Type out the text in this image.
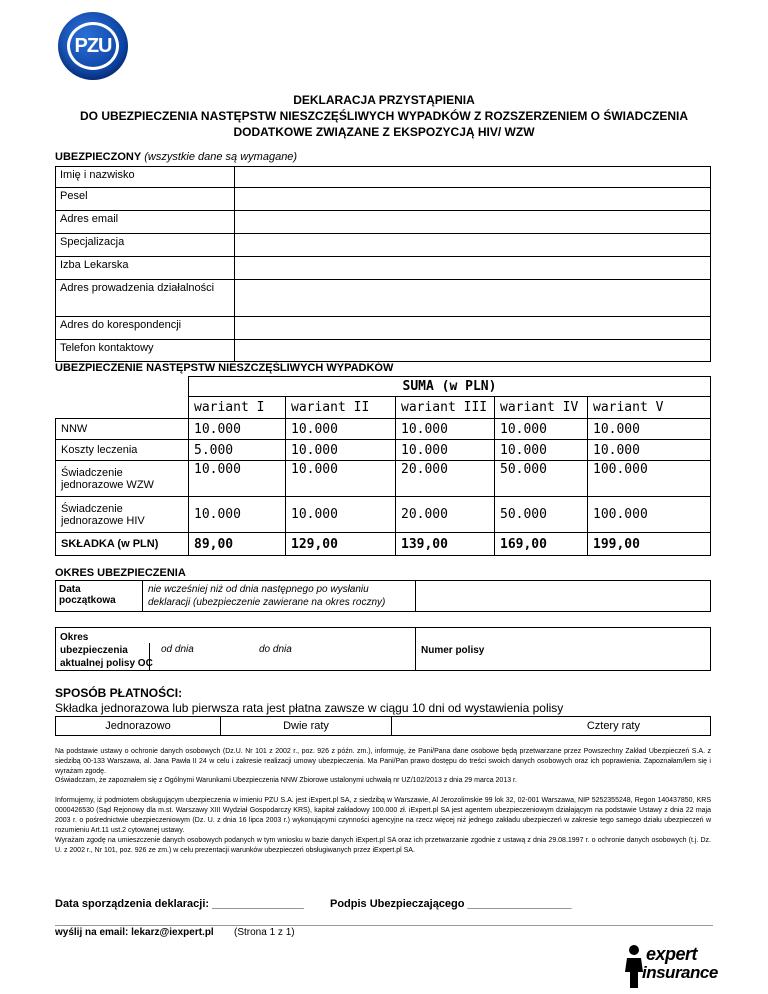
PZU
DEKLARACJA PRZYSTĄPIENIA
DO UBEZPIECZENIA NASTĘPSTW NIESZCZĘŚLIWYCH WYPADKÓW Z ROZSZERZENIEM O ŚWIADCZENIA
DODATKOWE ZWIĄZANE Z EKSPOZYCJĄ HIV/ WZW
UBEZPIECZONY (wszystkie dane są wymagane)
Imię i nazwisko	
Pesel	
Adres email	
Specjalizacja	
Izba Lekarska	
Adres prowadzenia działalności	
Adres do korespondencji	
Telefon kontaktowy	
UBEZPIECZENIE NASTĘPSTW NIESZCZĘŚLIWYCH WYPADKÓW
	SUMA (w PLN)				
	wariant I	wariant II	wariant III	wariant IV	wariant V
NNW	10.000	10.000	10.000	10.000	10.000
Koszty leczenia	5.000	10.000	10.000	10.000	10.000
Świadczenie jednorazowe WZW	10.000	10.000	20.000	50.000	100.000
Świadczenie jednorazowe HIV	10.000	10.000	20.000	50.000	100.000
SKŁADKA (w PLN)	89,00	129,00	139,00	169,00	199,00
OKRES UBEZPIECZENIA
Data początkowa
nie wcześniej niż od dnia następnego po wysłaniu deklaracji (ubezpieczenie zawierane na okres roczny)
Okres
ubezpieczenia
aktualnej polisy OC
od dnia	do dnia	Numer polisy
SPOSÓB PŁATNOŚCI:
Składka jednorazowa lub pierwsza rata jest płatna zawsze w ciągu 10 dni od wystawienia polisy
Jednorazowo	Dwie raty	Cztery raty
Na podstawie ustawy o ochronie danych osobowych (Dz.U. Nr 101 z 2002 r., poz. 926 z późn. zm.), informuję, że Pani/Pana dane osobowe będą przetwarzane przez Powszechny Zakład Ubezpieczeń S.A. z siedzibą 00-133 Warszawa, al. Jana Pawła II 24 w celu i zakresie realizacji umowy ubezpieczenia. Ma Pani/Pan prawo dostępu do treści swoich danych osobowych oraz ich poprawienia. Zapoznałam/łem się i wyrażam zgodę.
Oświadczam, że zapoznałem się z Ogólnymi Warunkami Ubezpieczenia NNW Zbiorowe ustalonymi uchwałą nr UZ/102/2013 z dnia 29 marca 2013 r.
Informujemy, iż podmiotem obsługującym ubezpieczenia w imieniu PZU S.A. jest iExpert.pl SA, z siedzibą w Warszawie, Al Jerozolimskie 99 lok 32, 02-001 Warszawa, NIP 5252355248, Regon 140437850, KRS 0000426530 (Sąd Rejonowy dla m.st. Warszawy XIII Wydział Gospodarczy KRS), kapitał zakładowy 100.000 zł. iExpert.pl SA jest agentem ubezpieczeniowym działającym na podstawie Ustawy z dnia 22 maja 2003 r. o pośrednictwie ubezpieczeniowym (Dz. U. z dnia 16 lipca 2003 r.) wykonującymi czynności agencyjne na rzecz więcej niż jednego zakładu ubezpieczeń w zakresie tego samego działu ubezpieczeń w rozumieniu Art.11 ust.2 cytowanej ustawy.
Wyrażam zgodę na umieszczenie danych osobowych podanych w tym wniosku w bazie danych iExpert.pl SA oraz ich przetwarzanie zgodnie z ustawą z dnia 29.08.1997 r. o ochronie danych osobowych (t.j. Dz. U. z 2002 r., Nr 101, poz. 926 ze zm.) w celu prezentacji warunków ubezpieczeń obsługiwanych przez iExpert.pl SA.
Data sporządzenia deklaracji: _______________ Podpis Ubezpieczającego _________________
wyślij na email: lekarz@iexpert.pl (Strona 1 z 1)
expert
insurance
